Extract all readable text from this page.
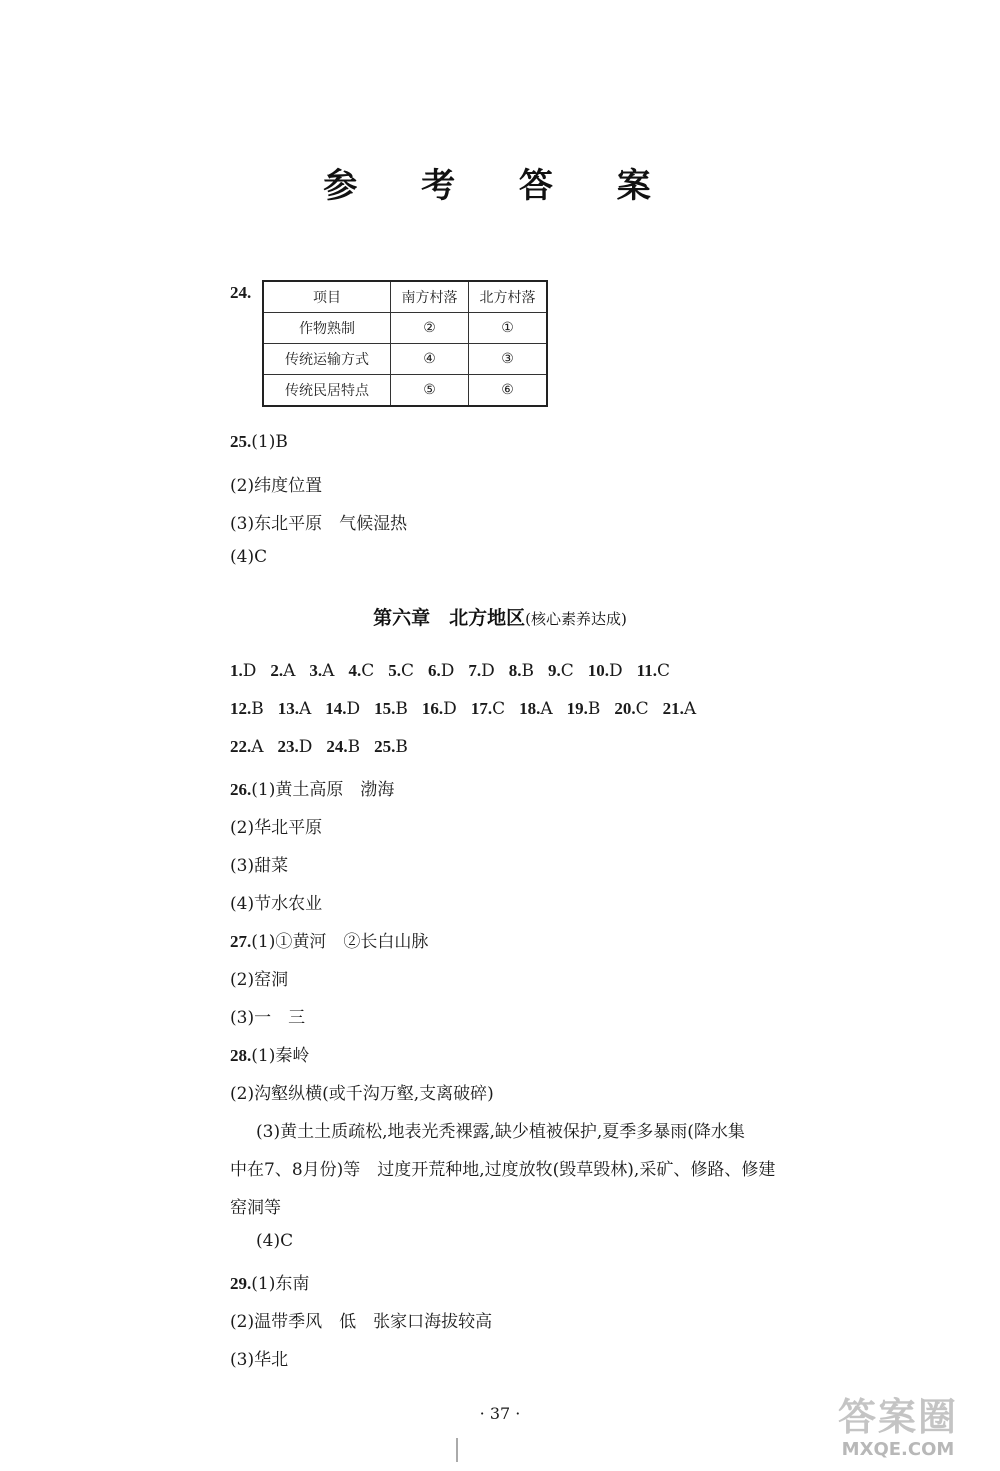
参 考 答 案
24.	项目	南方村落	北方村落
作物熟制	②	①
传统运输方式	④	③
传统民居特点	⑤	⑥
25.(1)B
(2)纬度位置
(3)东北平原　气候湿热
(4)C
第六章　北方地区(核心素养达成)
1.D 2.A 3.A 4.C 5.C 6.D 7.D 8.B 9.C 10.D 11.C
12.B 13.A 14.D 15.B 16.D 17.C 18.A 19.B 20.C 21.A
22.A 23.D 24.B 25.B
26.(1)黄土高原　渤海
(2)华北平原
(3)甜菜
(4)节水农业
27.(1)①黄河　②长白山脉
(2)窑洞
(3)一　三
28.(1)秦岭
(2)沟壑纵横(或千沟万壑,支离破碎)
(3)黄土土质疏松,地表光秃裸露,缺少植被保护,夏季多暴雨(降水集
中在7、8月份)等　过度开荒种地,过度放牧(毁草毁林),采矿、修路、修建
窑洞等
(4)C
29.(1)东南
(2)温带季风　低　张家口海拔较高
(3)华北
· 37 ·	答案圈
MXQE.COM
